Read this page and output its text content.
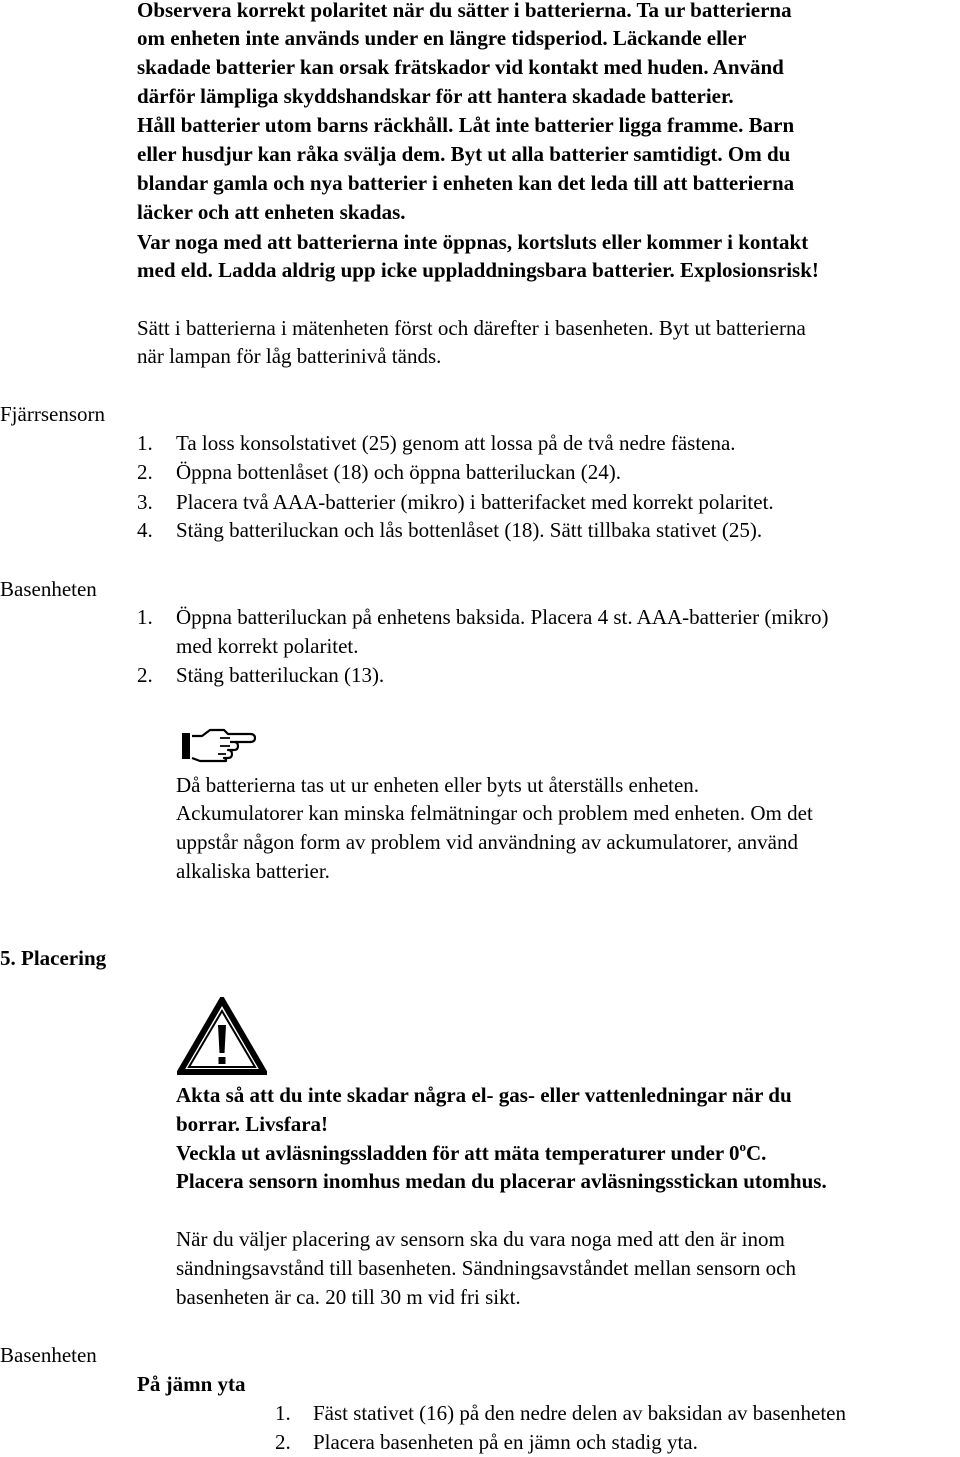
Observera korrekt polaritet när du sätter i batterierna. Ta ur batterierna
om enheten inte används under en längre tidsperiod. Läckande eller
skadade batterier kan orsak frätskador vid kontakt med huden. Använd
därför lämpliga skyddshandskar för att hantera skadade batterier.
Håll batterier utom barns räckhåll. Låt inte batterier ligga framme. Barn
eller husdjur kan råka svälja dem. Byt ut alla batterier samtidigt. Om du
blandar gamla och nya batterier i enheten kan det leda till att batterierna
läcker och att enheten skadas.
Var noga med att batterierna inte öppnas, kortsluts eller kommer i kontakt
med eld. Ladda aldrig upp icke uppladdningsbara batterier. Explosionsrisk!
Sätt i batterierna i mätenheten först och därefter i basenheten. Byt ut batterierna
när lampan för låg batterinivå tänds.
Fjärrsensorn
1. Ta loss konsolstativet (25) genom att lossa på de två nedre fästena.
2. Öppna bottenlåset (18) och öppna batteriluckan (24).
3. Placera två AAA-batterier (mikro) i batterifacket med korrekt polaritet.
4. Stäng batteriluckan och lås bottenlåset (18). Sätt tillbaka stativet (25).
Basenheten
1. Öppna batteriluckan på enhetens baksida. Placera 4 st. AAA-batterier (mikro)
med korrekt polaritet.
2. Stäng batteriluckan (13).
Då batterierna tas ut ur enheten eller byts ut återställs enheten.
Ackumulatorer kan minska felmätningar och problem med enheten. Om det
uppstår någon form av problem vid användning av ackumulatorer, använd
alkaliska batterier.
5. Placering
Akta så att du inte skadar några el- gas- eller vattenledningar när du
borrar. Livsfara!
Veckla ut avläsningssladden för att mäta temperaturer under 0$^o$C.
Placera sensorn inomhus medan du placerar avläsningsstickan utomhus.
När du väljer placering av sensorn ska du vara noga med att den är inom
sändningsavstånd till basenheten. Sändningsavståndet mellan sensorn och
basenheten är ca. 20 till 30 m vid fri sikt.
Basenheten
På jämn yta
1. Fäst stativet (16) på den nedre delen av baksidan av basenheten
2. Placera basenheten på en jämn och stadig yta.
